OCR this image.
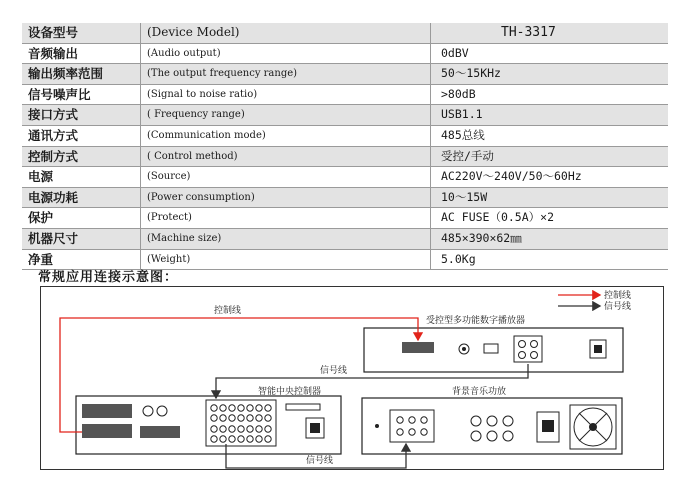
设备型号	(Device Model)	TH-3317
音频输出	(Audio output)	0dBV
输出频率范围	(The output frequency range)	50～15KHz
信号噪声比	(Signal to noise ratio)	>80dB
接口方式	( Frequency range)	USB1.1
通讯方式	(Communication mode)	485总线
控制方式	( Control method)	受控/手动
电源	(Source)	AC220V～240V/50～60Hz
电源功耗	(Power consumption)	10～15W
保护	(Protect)	AC FUSE（0.5A）×2
机器尺寸	(Machine size)	485×390×62㎜
净重	(Weight)	5.0Kg
常规应用连接示意图：
控制线
信号线
受控型多功能数字播放器
智能中央控制器	背景音乐功放
控制线
信号线
信号线
